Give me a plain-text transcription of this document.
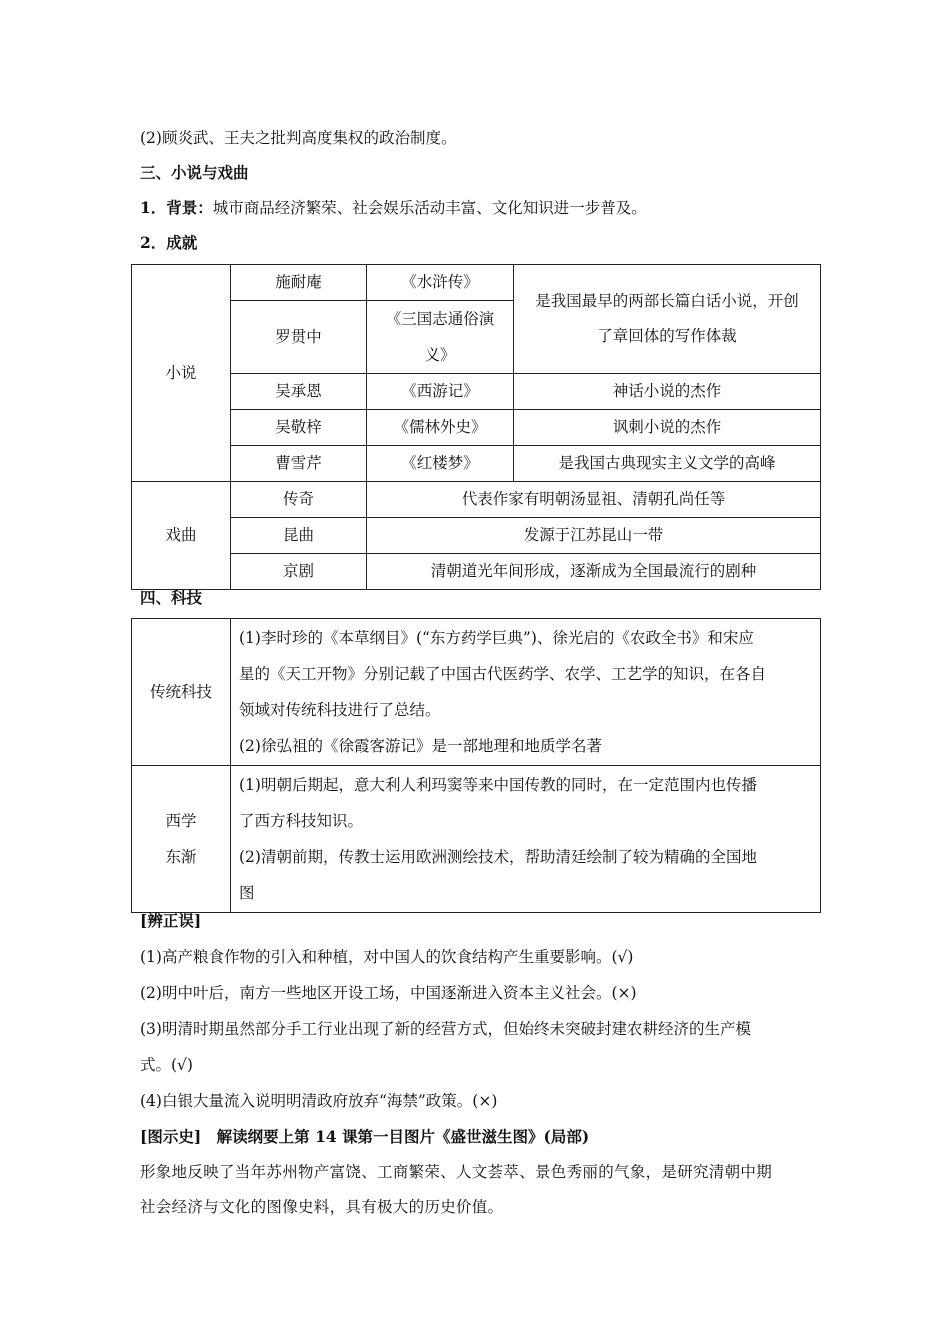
(2)顾炎武、王夫之批判高度集权的政治制度。
三、小说与戏曲
1．背景：城市商品经济繁荣、社会娱乐活动丰富、文化知识进一步普及。
2．成就
小说	施耐庵	《水浒传》	是我国最早的两部长篇白话小说，开创
了章回体的写作体裁

	罗贯中	《三国志通俗演
义》	

	吴承恩	《西游记》	神话小说的杰作
	吴敬梓	《儒林外史》	讽刺小说的杰作
	曹雪芹	《红楼梦》	是我国古典现实主义文学的高峰
戏曲	传奇	代表作家有明朝汤显祖、清朝孔尚任等	
	昆曲	发源于江苏昆山一带	
	京剧	清朝道光年间形成，逐渐成为全国最流行的剧种	
四、科技
传统科技	(1)李时珍的《本草纲目》(“东方药学巨典”)、徐光启的《农政全书》和宋应
星的《天工开物》分别记载了中国古代医药学、农学、工艺学的知识，在各自
领域对传统科技进行了总结。
(2)徐弘祖的《徐霞客游记》是一部地理和地质学名著

西学
东渐	(1)明朝后期起，意大利人利玛窦等来中国传教的同时，在一定范围内也传播
了西方科技知识。
(2)清朝前期，传教士运用欧洲测绘技术，帮助清廷绘制了较为精确的全国地
图
[辨正误]
(1)高产粮食作物的引入和种植，对中国人的饮食结构产生重要影响。(√)
(2)明中叶后，南方一些地区开设工场，中国逐渐进入资本主义社会。(×)
(3)明清时期虽然部分手工行业出现了新的经营方式，但始终未突破封建农耕经济的生产模
式。(√)
(4)白银大量流入说明明清政府放弃“海禁”政策。(×)
[图示史]　解读纲要上第 14 课第一目图片《盛世滋生图》(局部)
形象地反映了当年苏州物产富饶、工商繁荣、人文荟萃、景色秀丽的气象，是研究清朝中期
社会经济与文化的图像史料，具有极大的历史价值。
